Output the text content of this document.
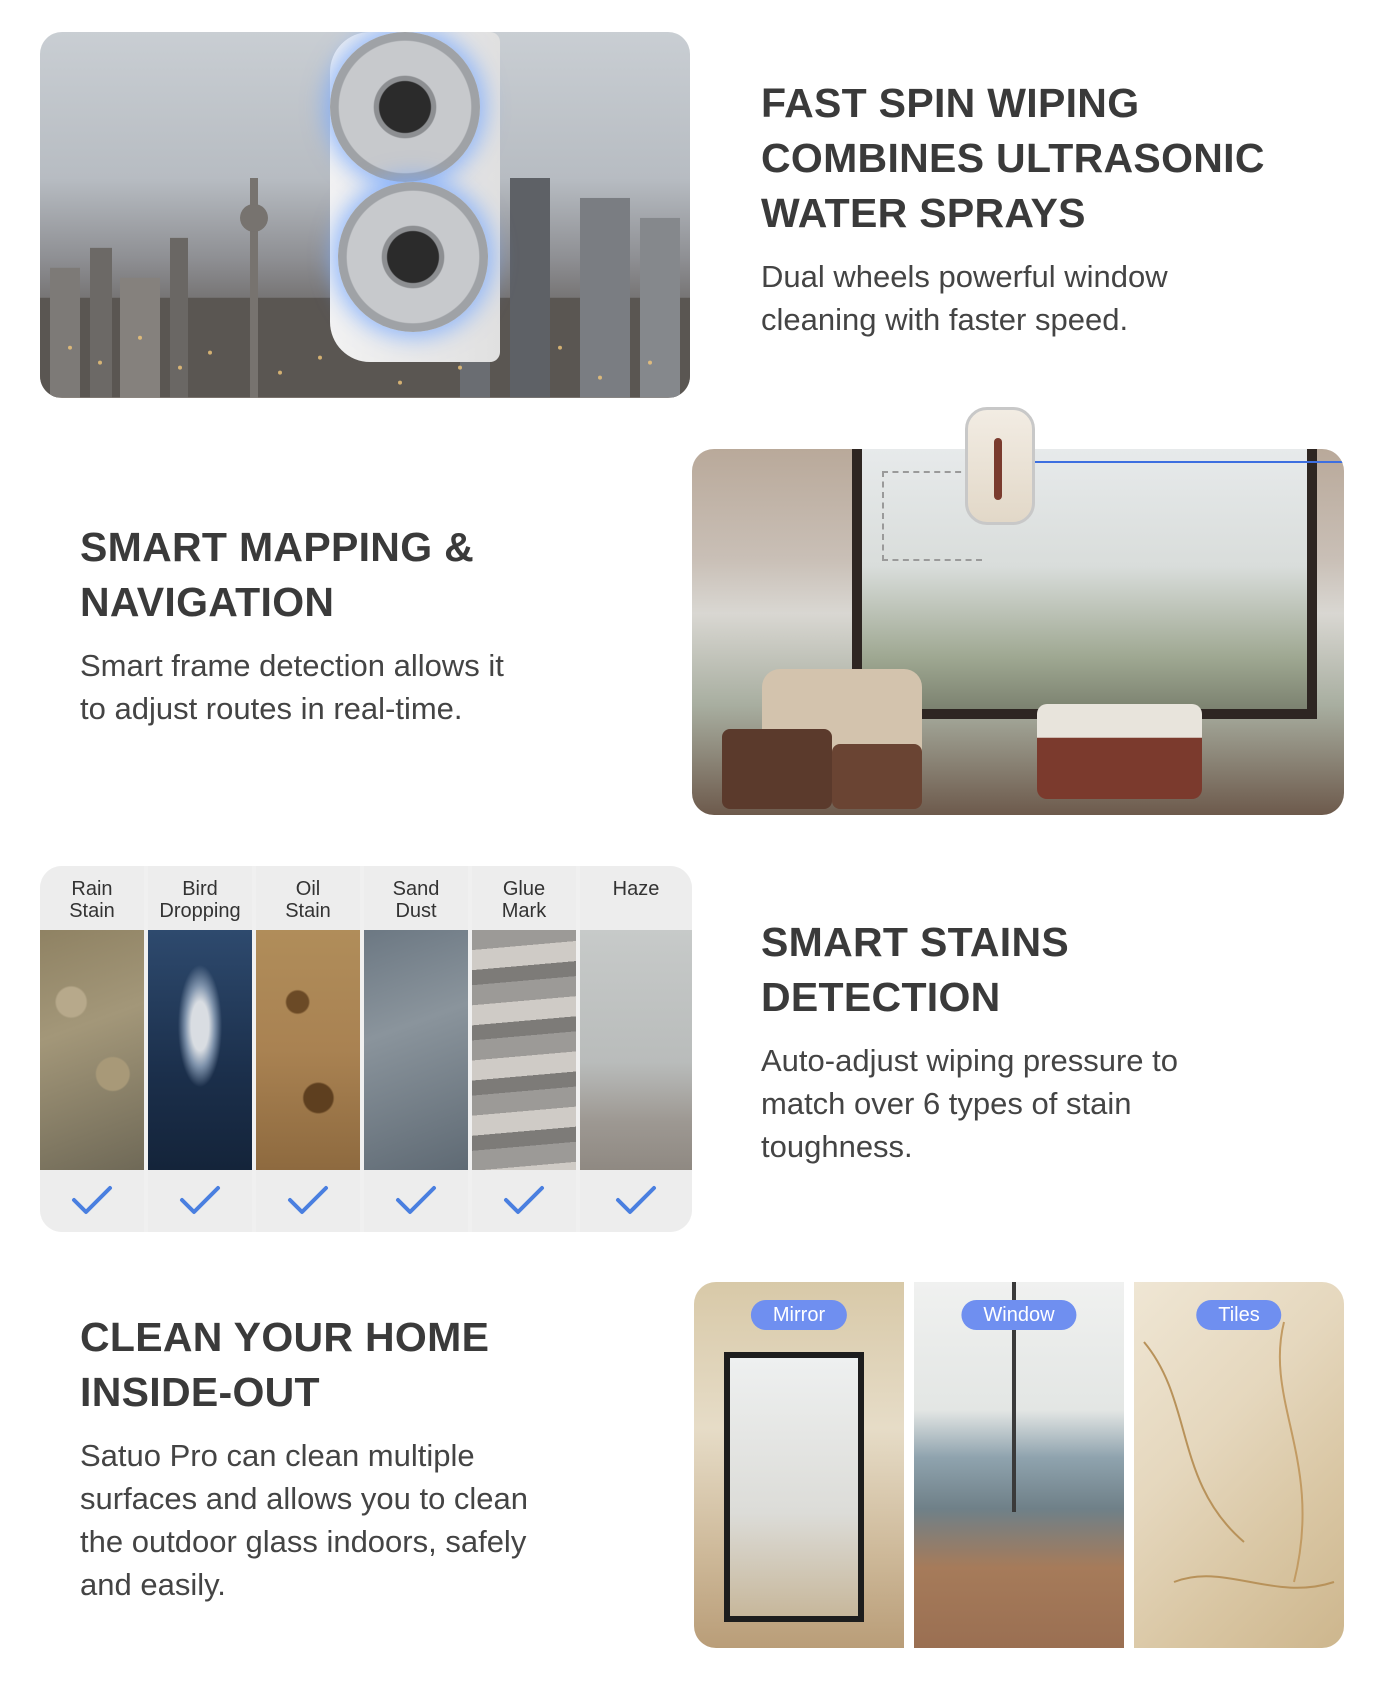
FAST SPIN WIPING
COMBINES ULTRASONIC
WATER SPRAYS

Dual wheels powerful window
cleaning with faster speed.

SMART MAPPING &
NAVIGATION

Smart frame detection allows it
to adjust routes in real-time.

Rain
Stain
Bird
Dropping
Oil
Stain
Sand
Dust
Glue
Mark
Haze
SMART STAINS
DETECTION

Auto-adjust wiping pressure to
match over 6 types of stain
toughness.

CLEAN YOUR HOME
INSIDE-OUT

Satuo Pro can clean multiple
surfaces and allows you to clean
the outdoor glass indoors, safely
and easily.

Mirror	Window	Tiles
